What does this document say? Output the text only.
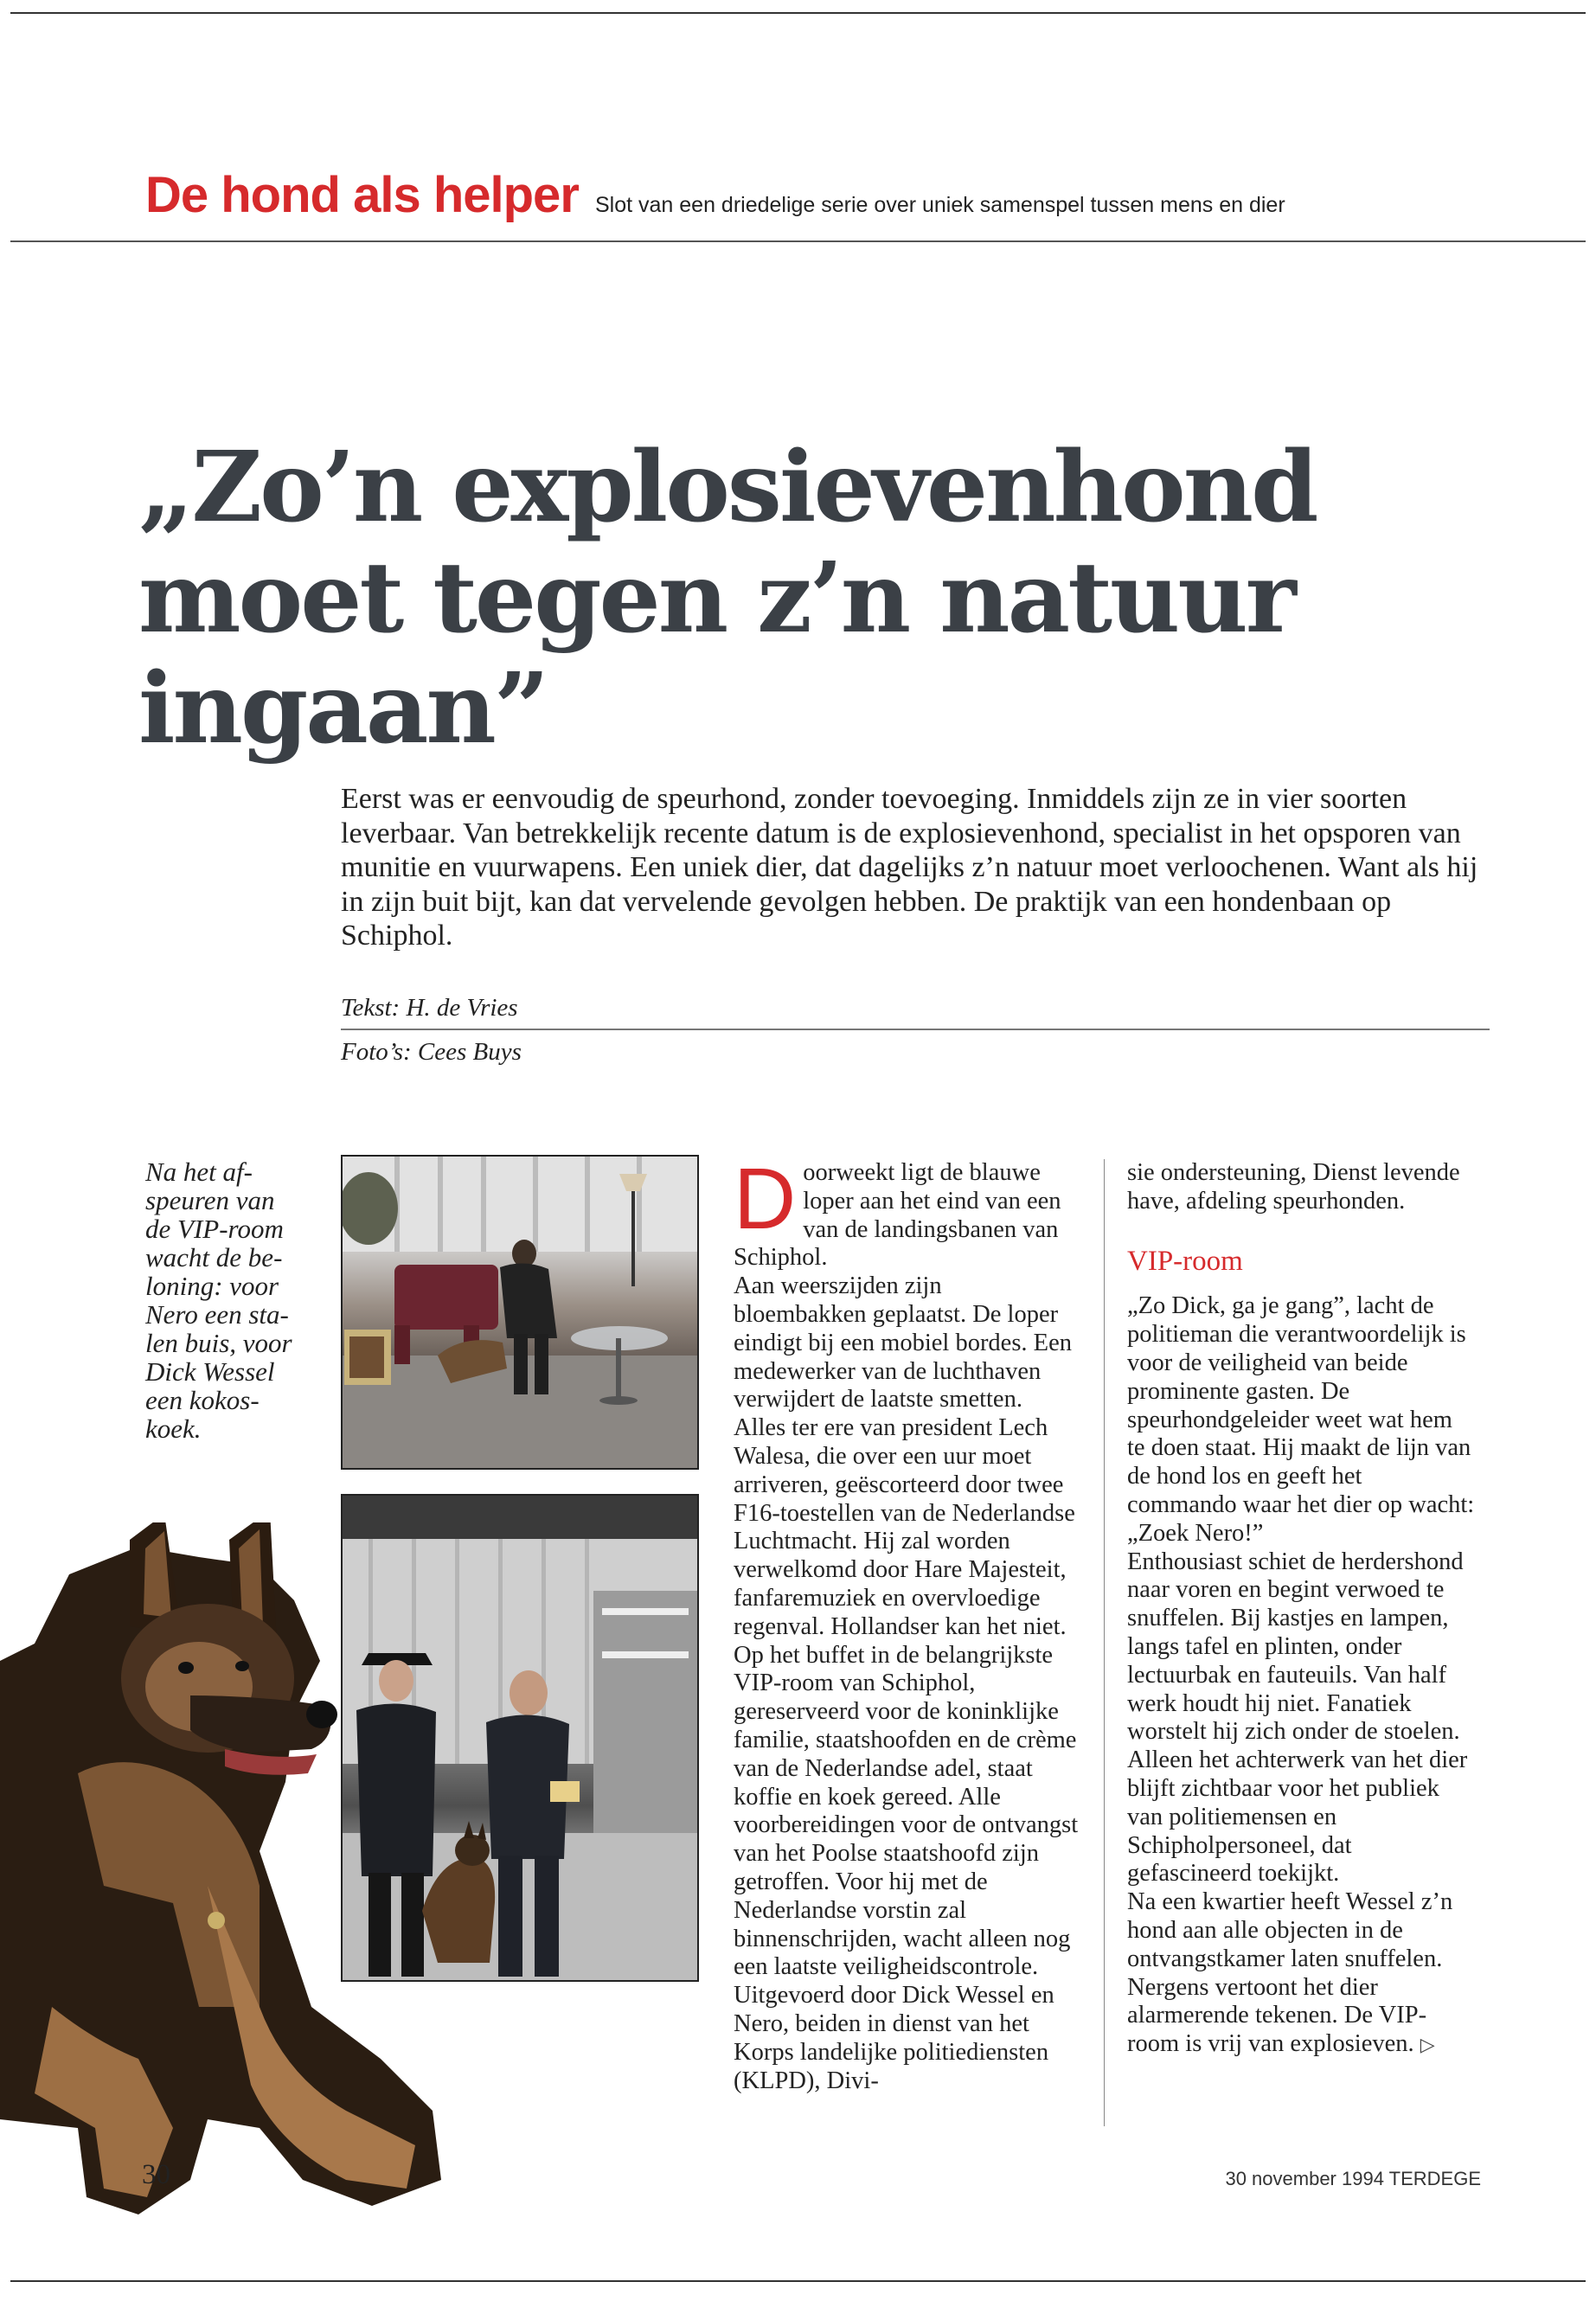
De hond als helper Slot van een driedelige serie over uniek samenspel tussen mens en dier
„Zo’n explosievenhond moet tegen z’n natuur ingaan”

Eerst was er eenvoudig de speurhond, zonder toevoeging. Inmiddels zijn ze in vier soorten leverbaar. Van betrekkelijk recente datum is de explosievenhond, specialist in het opsporen van munitie en vuurwapens. Een uniek dier, dat dagelijks z’n natuur moet verloochenen. Want als hij in zijn buit bijt, kan dat vervelende gevolgen hebben. De praktijk van een hondenbaan op Schiphol.

Tekst: H. de Vries
Foto’s: Cees Buys

Na het af-
speuren van
de VIP-room
wacht de be-
loning: voor
Nero een sta-
len buis, voor
Dick Wessel
een kokos-
koek.

D oorweekt ligt de blauwe loper aan het eind van een van de landingsbanen van Schiphol.

Aan weerszijden zijn bloembakken geplaatst. De loper eindigt bij een mobiel bordes. Een medewerker van de luchthaven verwijdert de laatste smetten.

Alles ter ere van president Lech Walesa, die over een uur moet arriveren, geëscorteerd door twee F16-toestellen van de Nederlandse Luchtmacht. Hij zal worden verwelkomd door Hare Majesteit, fanfaremuziek en overvloedige regenval. Hollandser kan het niet.

Op het buffet in de belangrijkste VIP-room van Schiphol, gereserveerd voor de koninklijke familie, staatshoofden en de crème van de Nederlandse adel, staat koffie en koek gereed. Alle voorbereidingen voor de ontvangst van het Poolse staatshoofd zijn getroffen. Voor hij met de Nederlandse vorstin zal binnenschrijden, wacht alleen nog een laatste veiligheidscontrole. Uitgevoerd door Dick Wessel en Nero, beiden in dienst van het Korps landelijke politiediensten (KLPD), Divi-

sie ondersteuning, Dienst levende have, afdeling speurhonden.

VIP-room

„Zo Dick, ga je gang”, lacht de politieman die verantwoordelijk is voor de veiligheid van beide prominente gasten. De speurhondgeleider weet wat hem te doen staat. Hij maakt de lijn van de hond los en geeft het commando waar het dier op wacht: „Zoek Nero!”

Enthousiast schiet de herdershond naar voren en begint verwoed te snuffelen. Bij kastjes en lampen, langs tafel en plinten, onder lectuurbak en fauteuils. Van half werk houdt hij niet. Fanatiek worstelt hij zich onder de stoelen. Alleen het achterwerk van het dier blijft zichtbaar voor het publiek van politiemensen en Schipholpersoneel, dat gefascineerd toekijkt.

Na een kwartier heeft Wessel z’n hond aan alle objecten in de ontvangstkamer laten snuffelen. Nergens vertoont het dier alarmerende tekenen. De VIP-room is vrij van explosieven. ▷

30	30 november 1994 TERDEGE
